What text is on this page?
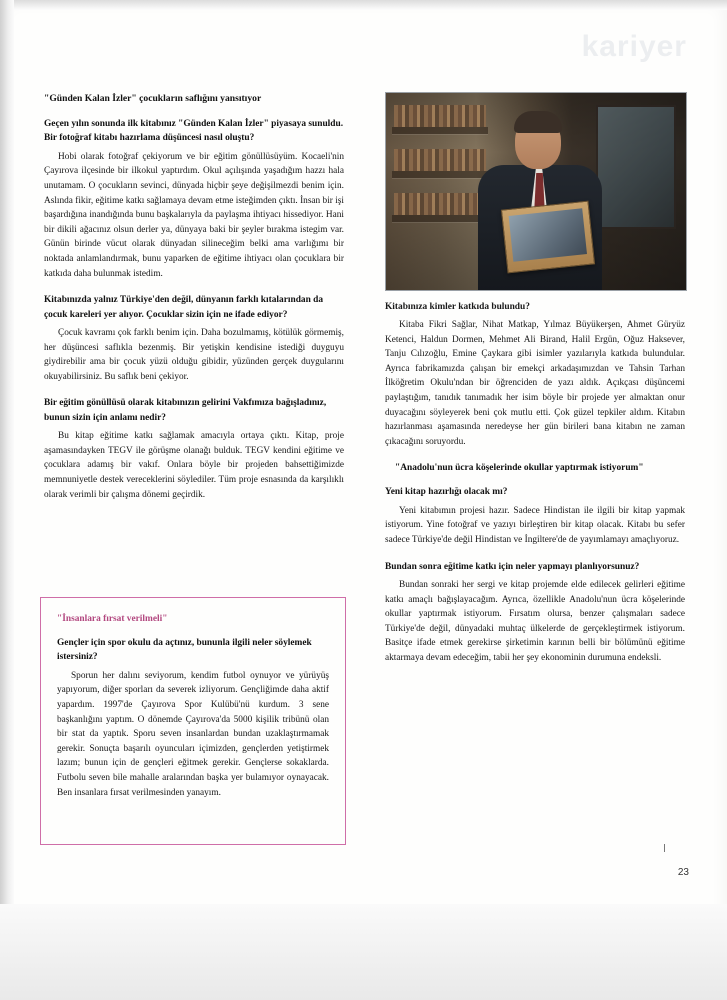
kariyer

"Günden Kalan İzler" çocukların saflığını yansıtıyor

Geçen yılın sonunda ilk kitabınız "Günden Kalan İzler" piyasaya sunuldu. Bir fotoğraf kitabı hazırlama düşüncesi nasıl oluştu?

Hobi olarak fotoğraf çekiyorum ve bir eğitim gönüllüsüyüm. Kocaeli'nin Çayırova ilçesinde bir ilkokul yaptırdım. Okul açılışında yaşadığım hazzı hala unutamam. O çocukların sevinci, dünyada hiçbir şeye değişilmezdi benim için. Aslında fikir, eğitime katkı sağlamaya devam etme isteğimden çıktı. İnsan bir işi başardığına inandığında bunu başkalarıyla da paylaşma ihtiyacı hissediyor. Hani bir dikili ağacınız olsun derler ya, dünyaya baki bir şeyler bırakma istegim var. Günün birinde vücut olarak dünyadan silineceğim belki ama varlığımı bir noktada anlamlandırmak, bunu yaparken de eğitime ihtiyacı olan çocuklara bir katkıda daha bulunmak istedim.

Kitabınızda yalnız Türkiye'den değil, dünyanın farklı kıtalarından da çocuk kareleri yer alıyor. Çocuklar sizin için ne ifade ediyor?

Çocuk kavramı çok farklı benim için. Daha bozulmamış, kötülük görmemiş, her düşüncesi saflıkla bezenmiş. Bir yetişkin kendisine istediği duyguyu giydirebilir ama bir çocuk yüzü olduğu gibidir, yüzünden gerçek duygularını okuyabilirsiniz. Bu saflık beni çekiyor.

Bir eğitim gönüllüsü olarak kitabınızın gelirini Vakfımıza bağışladınız, bunun sizin için anlamı nedir?

Bu kitap eğitime katkı sağlamak amacıyla ortaya çıktı. Kitap, proje aşamasındayken TEGV ile görüşme olanağı bulduk. TEGV kendini eğitime ve çocuklara adamış bir vakıf. Onlara böyle bir projeden bahsettiğimizde memnuniyetle destek vereceklerini söylediler. Tüm proje esnasında da karşılıklı olarak verimli bir çalışma dönemi geçirdik.

"İnsanlara fırsat verilmeli"

Gençler için spor okulu da açtınız, bununla ilgili neler söylemek istersiniz?

Sporun her dalını seviyorum, kendim futbol oynuyor ve yürüyüş yapıyorum, diğer sporları da severek izliyorum. Gençliğimde daha aktif yapardım. 1997'de Çayırova Spor Kulübü'nü kurdum. 3 sene başkanlığını yaptım. O dönemde Çayırova'da 5000 kişilik tribünü olan bir stat da yaptık. Sporu seven insanlardan bundan uzaklaştırmamak gerekir. Sonuçta başarılı oyuncuları içimizden, gençlerden yetiştirmek lazım; bunun için de gençleri eğitmek gerekir. Gençlerse sokaklarda. Futbolu seven bile mahalle aralarından başka yer bulamıyor oynayacak. Ben insanlara fırsat verilmesinden yanayım.

Kitabınıza kimler katkıda bulundu?

Kitaba Fikri Sağlar, Nihat Matkap, Yılmaz Büyükerşen, Ahmet Güryüz Ketenci, Haldun Dormen, Mehmet Ali Birand, Halil Ergün, Oğuz Haksever, Tanju Cılızoğlu, Emine Çaykara gibi isimler yazılarıyla katkıda bulundular. Ayrıca fabrikamızda çalışan bir emekçi arkadaşımızdan ve Tahsin Tarhan İlköğretim Okulu'ndan bir öğrenciden de yazı aldık. Açıkçası düşüncemi paylaştığım, tanıdık tanımadık her isim böyle bir projede yer almaktan onur duyacağını söyleyerek beni çok mutlu etti. Çok güzel tepkiler aldım. Kitabın hazırlanması aşamasında neredeyse her gün birileri bana kitabın ne zaman çıkacağını soruyordu.

"Anadolu'nun ücra köşelerinde okullar yaptırmak istiyorum"

Yeni kitap hazırlığı olacak mı?

Yeni kitabımın projesi hazır. Sadece Hindistan ile ilgili bir kitap yapmak istiyorum. Yine fotoğraf ve yazıyı birleştiren bir kitap olacak. Kitabı bu sefer sadece Türkiye'de değil Hindistan ve İngiltere'de de yayımlamayı amaçlıyoruz.

Bundan sonra eğitime katkı için neler yapmayı planlıyorsunuz?

Bundan sonraki her sergi ve kitap projemde elde edilecek gelirleri eğitime katkı amaçlı bağışlayacağım. Ayrıca, özellikle Anadolu'nun ücra köşelerinde okullar yaptırmak istiyorum. Fırsatım olursa, benzer çalışmaları sadece Türkiye'de değil, dünyadaki muhtaç ülkelerde de gerçekleştirmek istiyorum. Basitçe ifade etmek gerekirse şirketimin karının belli bir bölümünü eğitime aktarmaya devam edeceğim, tabii her şey ekonominin durumuna endeksli.

23
